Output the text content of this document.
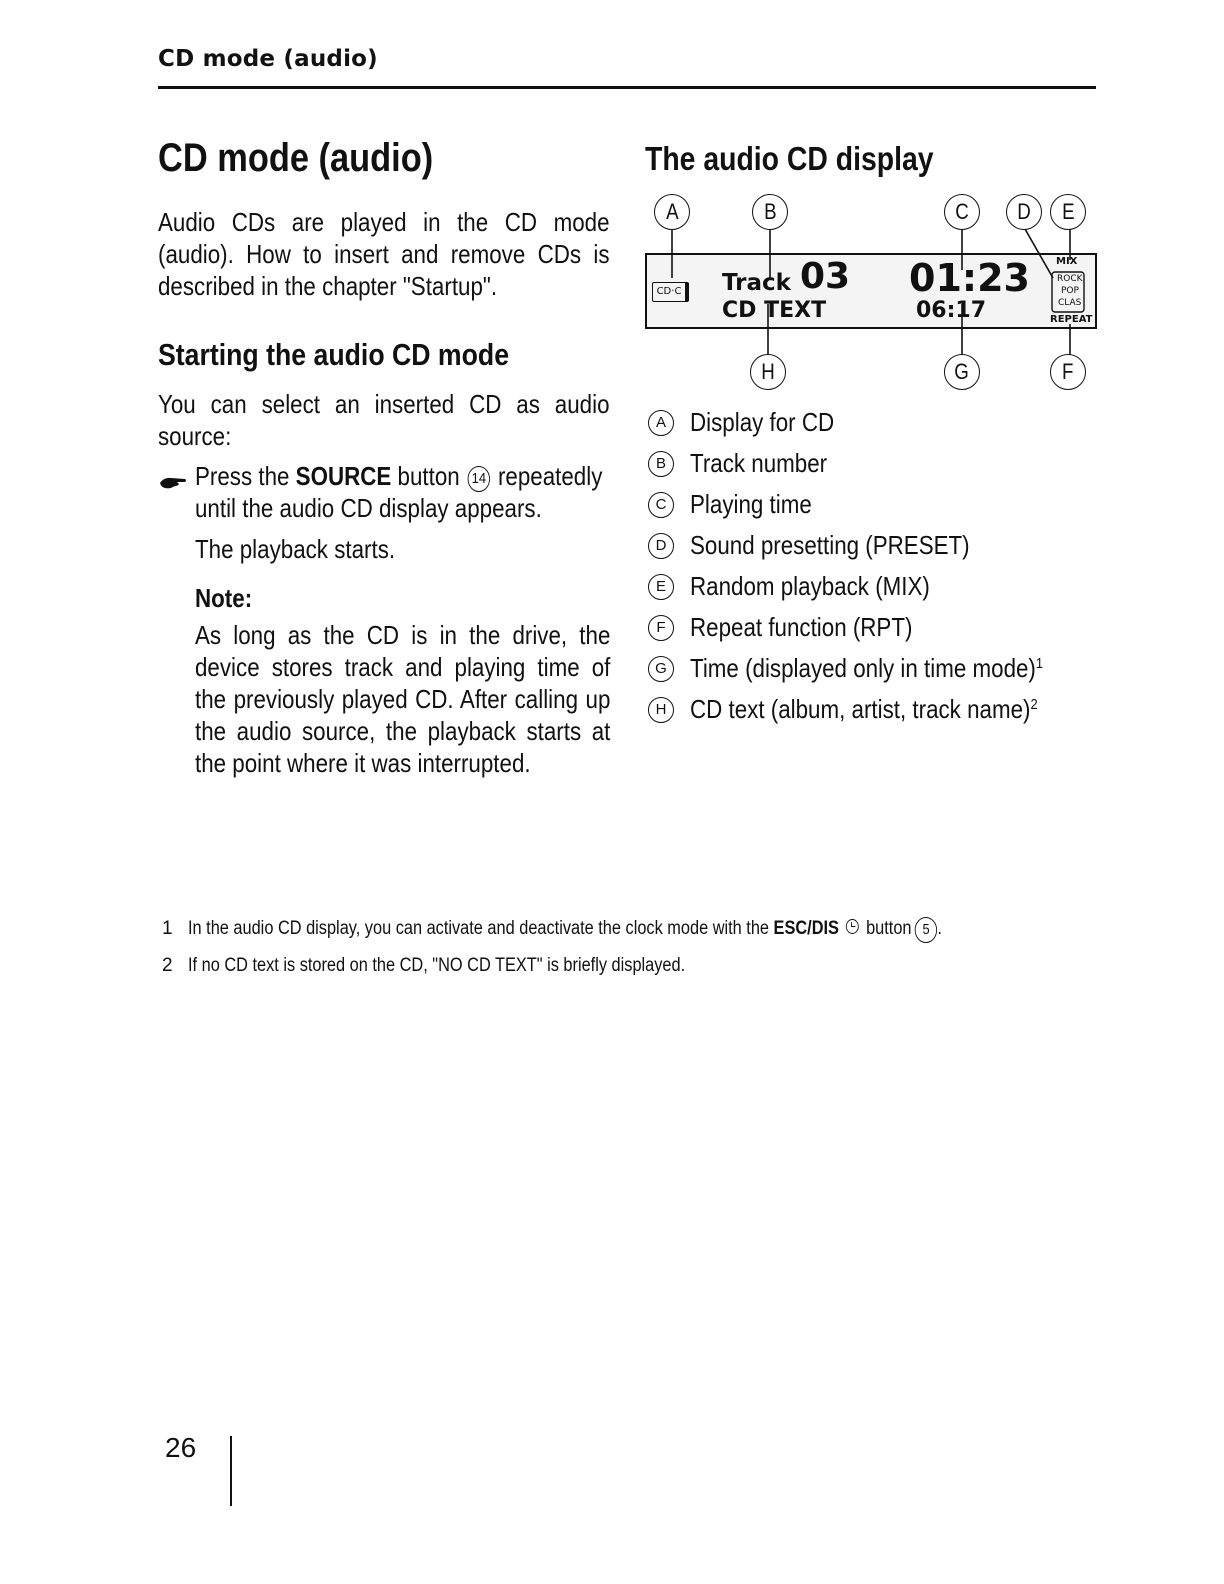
CD mode (audio)
CD mode (audio)

Audio CDs are played in the CD mode (audio). How to insert and remove CDs is described in the chapter "Startup".

Starting the audio CD mode

You can select an inserted CD as audio source:

Press the SOURCE button 14 repeatedly until the audio CD display appears.

The playback starts.

Note:

As long as the CD is in the drive, the device stores track and playing time of the previously played CD. After calling up the audio source, the playback starts at the point where it was interrupted.

The audio CD display
CD·C	Track 03
CD TEXT
01:23
06:17
MIX
ROCK
POP
CLAS
REPEAT
A	B	C	D	E
F
G
H
A Display for CD
B Track number
C Playing time
D Sound presetting (PRESET)
E Random playback (MIX)
F Repeat function (RPT)
G Time (displayed only in time mode)$^1$
H CD text (album, artist, track name)$^2$
1 In the audio CD display, you can activate and deactivate the clock mode with the ESC/DIS  button 5 .
2 If no CD text is stored on the CD, "NO CD TEXT" is briefly displayed.
26
